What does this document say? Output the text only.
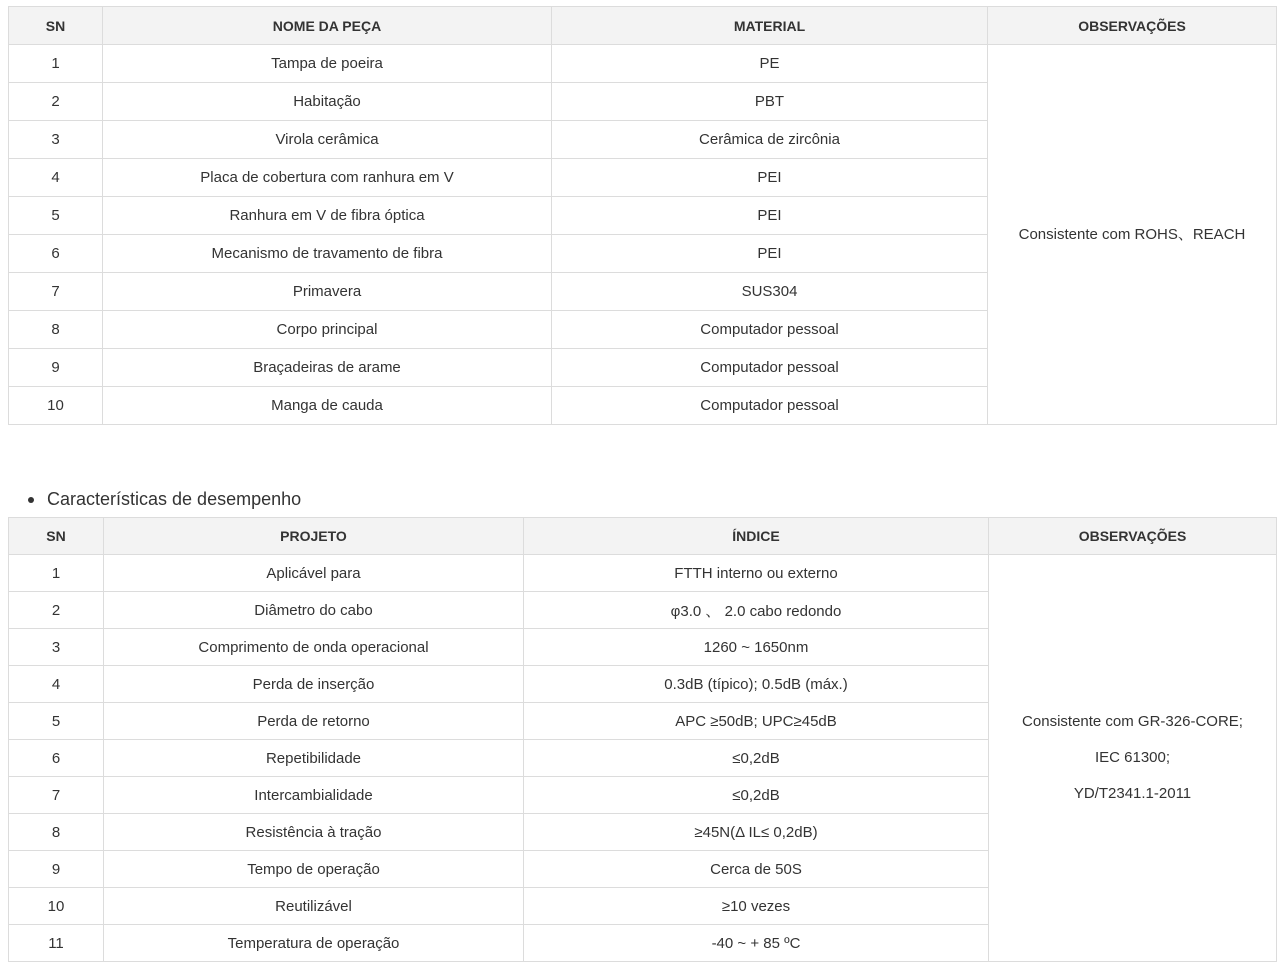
SN	NOME DA PEÇA	MATERIAL	OBSERVAÇÕES
1	Tampa de poeira	PE	Consistente com ROHS、REACH
2	Habitação	PBT	
3	Virola cerâmica	Cerâmica de zircônia	
4	Placa de cobertura com ranhura em V	PEI	
5	Ranhura em V de fibra óptica	PEI	
6	Mecanismo de travamento de fibra	PEI	
7	Primavera	SUS304	
8	Corpo principal	Computador pessoal	
9	Braçadeiras de arame	Computador pessoal	
10	Manga de cauda	Computador pessoal	
Características de desempenho
SN	PROJETO	ÍNDICE	OBSERVAÇÕES
1	Aplicável para	FTTH interno ou externo	Consistente com GR-326-CORE;
IEC 61300;
YD/T2341.1-2011

2	Diâmetro do cabo	φ3.0 、 2.0 cabo redondo	
3	Comprimento de onda operacional	1260 ~ 1650nm	
4	Perda de inserção	0.3dB (típico); 0.5dB (máx.)	
5	Perda de retorno	APC ≥50dB; UPC≥45dB	
6	Repetibilidade	≤0,2dB	
7	Intercambialidade	≤0,2dB	
8	Resistência à tração	≥45N(Δ IL≤ 0,2dB)	
9	Tempo de operação	Cerca de 50S	
10	Reutilizável	≥10 vezes	
11	Temperatura de operação	-40 ~ + 85 ºC	
